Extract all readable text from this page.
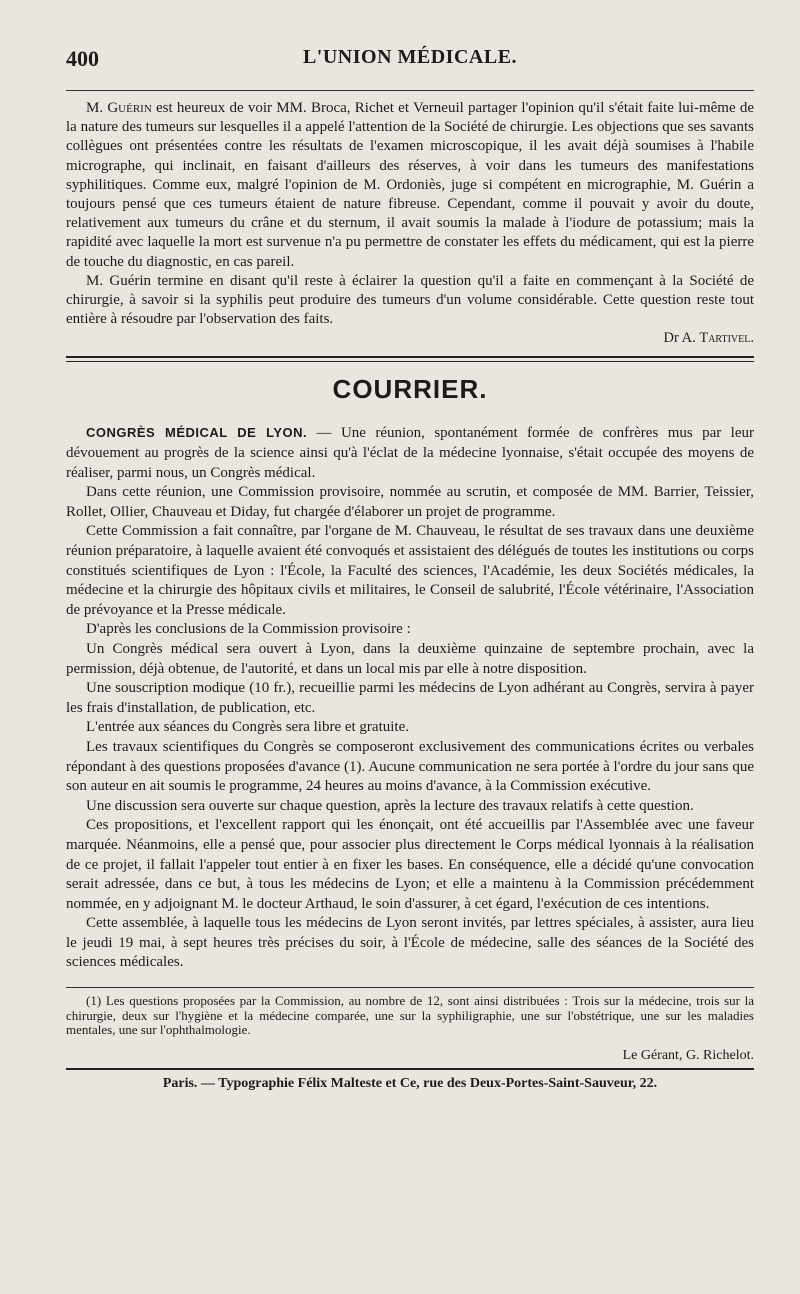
400	L'UNION MÉDICALE.

M. Guérin est heureux de voir MM. Broca, Richet et Verneuil partager l'opinion qu'il s'était faite lui-même de la nature des tumeurs sur lesquelles il a appelé l'attention de la Société de chirurgie. Les objections que ses savants collègues ont présentées contre les résultats de l'examen microscopique, il les avait déjà soumises à l'habile micrographe, qui inclinait, en faisant d'ailleurs des réserves, à voir dans les tumeurs des manifestations syphilitiques. Comme eux, malgré l'opinion de M. Ordoniès, juge si compétent en micrographie, M. Guérin a toujours pensé que ces tumeurs étaient de nature fibreuse. Cependant, comme il pouvait y avoir du doute, relativement aux tumeurs du crâne et du sternum, il avait soumis la malade à l'iodure de potassium; mais la rapidité avec laquelle la mort est survenue n'a pu permettre de constater les effets du médicament, qui est la pierre de touche du diagnostic, en cas pareil.

M. Guérin termine en disant qu'il reste à éclairer la question qu'il a faite en commençant à la Société de chirurgie, à savoir si la syphilis peut produire des tumeurs d'un volume considérable. Cette question reste tout entière à résoudre par l'observation des faits.

Dr A. Tartivel.

COURRIER.

CONGRÈS MÉDICAL DE LYON. — Une réunion, spontanément formée de confrères mus par leur dévouement au progrès de la science ainsi qu'à l'éclat de la médecine lyonnaise, s'était occupée des moyens de réaliser, parmi nous, un Congrès médical.

Dans cette réunion, une Commission provisoire, nommée au scrutin, et composée de MM. Barrier, Teissier, Rollet, Ollier, Chauveau et Diday, fut chargée d'élaborer un projet de programme.

Cette Commission a fait connaître, par l'organe de M. Chauveau, le résultat de ses travaux dans une deuxième réunion préparatoire, à laquelle avaient été convoqués et assistaient des délégués de toutes les institutions ou corps constitués scientifiques de Lyon : l'École, la Faculté des sciences, l'Académie, les deux Sociétés médicales, la médecine et la chirurgie des hôpitaux civils et militaires, le Conseil de salubrité, l'École vétérinaire, l'Association de prévoyance et la Presse médicale.

D'après les conclusions de la Commission provisoire :

Un Congrès médical sera ouvert à Lyon, dans la deuxième quinzaine de septembre prochain, avec la permission, déjà obtenue, de l'autorité, et dans un local mis par elle à notre disposition.

Une souscription modique (10 fr.), recueillie parmi les médecins de Lyon adhérant au Congrès, servira à payer les frais d'installation, de publication, etc.

L'entrée aux séances du Congrès sera libre et gratuite.

Les travaux scientifiques du Congrès se composeront exclusivement des communications écrites ou verbales répondant à des questions proposées d'avance (1). Aucune communication ne sera portée à l'ordre du jour sans que son auteur en ait soumis le programme, 24 heures au moins d'avance, à la Commission exécutive.

Une discussion sera ouverte sur chaque question, après la lecture des travaux relatifs à cette question.

Ces propositions, et l'excellent rapport qui les énonçait, ont été accueillis par l'Assemblée avec une faveur marquée. Néanmoins, elle a pensé que, pour associer plus directement le Corps médical lyonnais à la réalisation de ce projet, il fallait l'appeler tout entier à en fixer les bases. En conséquence, elle a décidé qu'une convocation serait adressée, dans ce but, à tous les médecins de Lyon; et elle a maintenu à la Commission précédemment nommée, en y adjoignant M. le docteur Arthaud, le soin d'assurer, à cet égard, l'exécution de ces intentions.

Cette assemblée, à laquelle tous les médecins de Lyon seront invités, par lettres spéciales, à assister, aura lieu le jeudi 19 mai, à sept heures très précises du soir, à l'École de médecine, salle des séances de la Société des sciences médicales.

(1) Les questions proposées par la Commission, au nombre de 12, sont ainsi distribuées : Trois sur la médecine, trois sur la chirurgie, deux sur l'hygiène et la médecine comparée, une sur la syphiligraphie, une sur l'obstétrique, une sur les maladies mentales, une sur l'ophthalmologie.

Le Gérant, G. Richelot.
Paris. — Typographie Félix Malteste et Ce, rue des Deux-Portes-Saint-Sauveur, 22.
